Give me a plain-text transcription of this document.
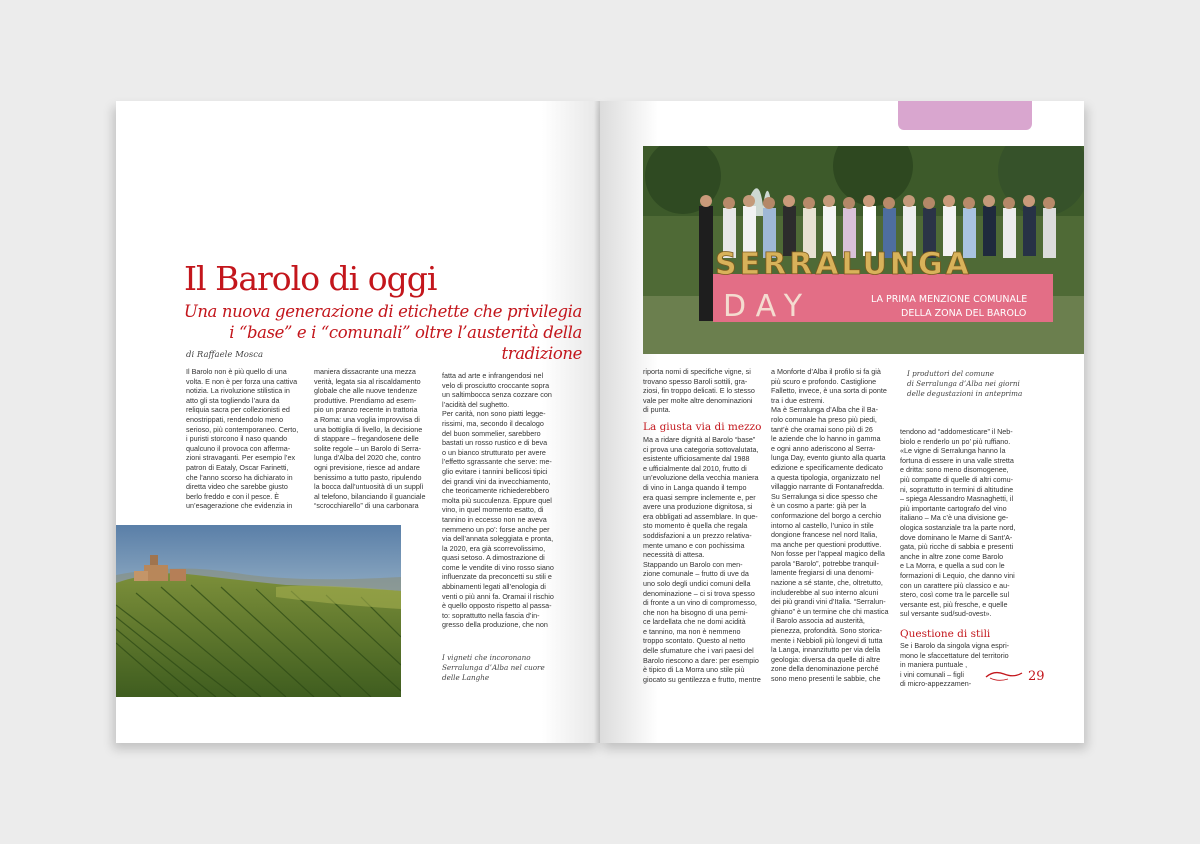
Il Barolo di oggi
Una nuova generazione di etichette che privilegia
i “base” e i “comunali” oltre l’austerità della tradizione
di Raffaele Mosca

Il Barolo non è più quello di una

volta. E non è per forza una cattiva

notizia. La rivoluzione stilistica in

atto gli sta togliendo l’aura da

reliquia sacra per collezionisti ed

enostrippati, rendendolo meno

serioso, più contemporaneo. Certo,

i puristi storcono il naso quando

qualcuno il provoca con afferma-

zioni stravaganti. Per esempio l’ex

patron di Eataly, Oscar Farinetti,

che l’anno scorso ha dichiarato in

diretta video che sarebbe giusto

berlo freddo e con il pesce. È

un’esagerazione che evidenzia in

maniera dissacrante una mezza

verità, legata sia al riscaldamento

globale che alle nuove tendenze

produttive. Prendiamo ad esem-

pio un pranzo recente in trattoria

a Roma: una voglia improvvisa di

una bottiglia di livello, la decisione

di stappare – fregandosene delle

solite regole – un Barolo di Serra-

lunga d’Alba del 2020 che, contro

ogni previsione, riesce ad andare

benissimo a tutto pasto, ripulendo

la bocca dall’untuosità di un supplì

al telefono, bilanciando il guanciale

“scrocchiarello” di una carbonara

fatta ad arte e infrangendosi nel

velo di prosciutto croccante sopra

un saltimbocca senza cozzare con

l’acidità del sughetto.

Per carità, non sono piatti legge-

rissimi, ma, secondo il decalogo

del buon sommelier, sarebbero

bastati un rosso rustico e di beva

o un bianco strutturato per avere

l’effetto sgrassante che serve: me-

glio evitare i tannini bellicosi tipici

dei grandi vini da invecchiamento,

che teoricamente richiederebbero

molta più succulenza. Eppure quel

vino, in quel momento esatto, di

tannino in eccesso non ne aveva

nemmeno un po’: forse anche per

via dell’annata soleggiata e pronta,

la 2020, era già scorrevolissimo,

quasi setoso. A dimostrazione di

come le vendite di vino rosso siano

influenzate da preconcetti su stili e

abbinamenti legati all’enologia di

venti o più anni fa. Oramai il rischio

è quello opposto rispetto al passa-

to: soprattutto nella fascia d’in-

gresso della produzione, che non

I vigneti che incoronano
Serralunga d’Alba nel cuore
delle Langhe
SERRALUNGA
DAY	LA PRIMA MENZIONE COMUNALE
DELLA ZONA DEL BAROLO

riporta nomi di specifiche vigne, si

trovano spesso Baroli sottili, gra-

ziosi, fin troppo delicati. E lo stesso

vale per molte altre denominazioni

di punta.

La giusta via di mezzo

Ma a ridare dignità al Barolo “base”

ci prova una categoria sottovalutata,

esistente ufficiosamente dal 1988

e ufficialmente dal 2010, frutto di

un’evoluzione della vecchia maniera

di vino in Langa quando il tempo

era quasi sempre inclemente e, per

avere una produzione dignitosa, si

era obbligati ad assemblare. In que-

sto momento è quella che regala

soddisfazioni a un prezzo relativa-

mente umano e con pochissima

necessità di attesa.

Stappando un Barolo con men-

zione comunale – frutto di uve da

uno solo degli undici comuni della

denominazione – ci si trova spesso

di fronte a un vino di compromesso,

che non ha bisogno di una perni-

ce lardellata che ne domi acidità

e tannino, ma non è nemmeno

troppo scontato. Questo al netto

delle sfumature che i vari paesi del

Barolo riescono a dare: per esempio

è tipico di La Morra uno stile più

giocato su gentilezza e frutto, mentre

a Monforte d’Alba il profilo si fa già

più scuro e profondo. Castiglione

Falletto, invece, è una sorta di ponte

tra i due estremi.

Ma è Serralunga d’Alba che il Ba-

rolo comunale ha preso più piedi,

tant’è che oramai sono più di 26

le aziende che lo hanno in gamma

e ogni anno aderiscono al Serra-

lunga Day, evento giunto alla quarta

edizione e specificamente dedicato

a questa tipologia, organizzato nel

villaggio narrante di Fontanafredda.

Su Serralunga si dice spesso che

è un cosmo a parte: già per la

conformazione del borgo a cerchio

intorno al castello, l’unico in stile

dongione francese nel nord Italia,

ma anche per questioni produttive.

Non fosse per l’appeal magico della

parola “Barolo”, potrebbe tranquil-

lamente fregiarsi di una denomi-

nazione a sé stante, che, oltretutto,

includerebbe al suo interno alcuni

dei più grandi vini d’Italia. “Serralun-

ghiano” è un termine che chi mastica

il Barolo associa ad austerità,

pienezza, profondità. Sono storica-

mente i Nebbioli più longevi di tutta

la Langa, innanzitutto per via della

geologia: diversa da quelle di altre

zone della denominazione perché

sono meno presenti le sabbie, che

I produttori del comune
di Serralunga d’Alba nei giorni
delle degustazioni in anteprima

tendono ad “addomesticare” il Neb-

biolo e renderlo un po’ più ruffiano.

«Le vigne di Serralunga hanno la

fortuna di essere in una valle stretta

e dritta: sono meno disomogenee,

più compatte di quelle di altri comu-

ni, soprattutto in termini di altitudine

– spiega Alessandro Masnaghetti, il

più importante cartografo del vino

italiano – Ma c’è una divisione ge-

ologica sostanziale tra la parte nord,

dove dominano le Marne di Sant’A-

gata, più ricche di sabbia e presenti

anche in altre zone come Barolo

e La Morra, e quella a sud con le

formazioni di Lequio, che danno vini

con un carattere più classico e au-

stero, così come tra le parcelle sul

versante est, più fresche, e quelle

sul versante sud/sud-ovest».

Questione di stili

Se i Barolo da singola vigna espri-

mono le sfaccettature del territorio

in maniera puntuale ,

i vini comunali – figli

di micro-appezzamen-	29
